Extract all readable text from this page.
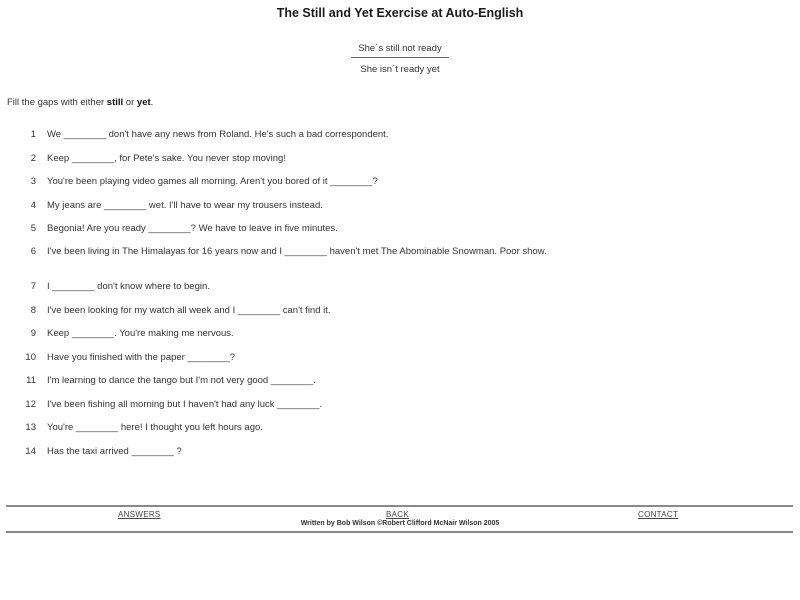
The Still and Yet Exercise at Auto-English
She´s still not ready
She isn´t ready yet
Fill the gaps with either still or yet.
1 We ________ don't have any news from Roland. He's such a bad correspondent.
2 Keep ________, for Pete's sake. You never stop moving!
3 You're been playing video games all morning. Aren't you bored of it ________?
4 My jeans are ________ wet. I'll have to wear my trousers instead.
5 Begonia! Are you ready ________? We have to leave in five minutes.
6 I've been living in The Himalayas for 16 years now and I ________ haven't met The Abominable Snowman. Poor show.
7 I ________ don't know where to begin.
8 I've been looking for my watch all week and I ________ can't find it.
9 Keep ________. You're making me nervous.
10 Have you finished with the paper ________?
11 I'm learning to dance the tango but I'm not very good ________.
12 I've been fishing all morning but I haven't had any luck ________.
13 You're ________ here! I thought you left hours ago.
14 Has the taxi arrived ________ ?
ANSWERS	BACK	CONTACT
Written by Bob Wilson ©Robert Clifford McNair Wilson 2005
